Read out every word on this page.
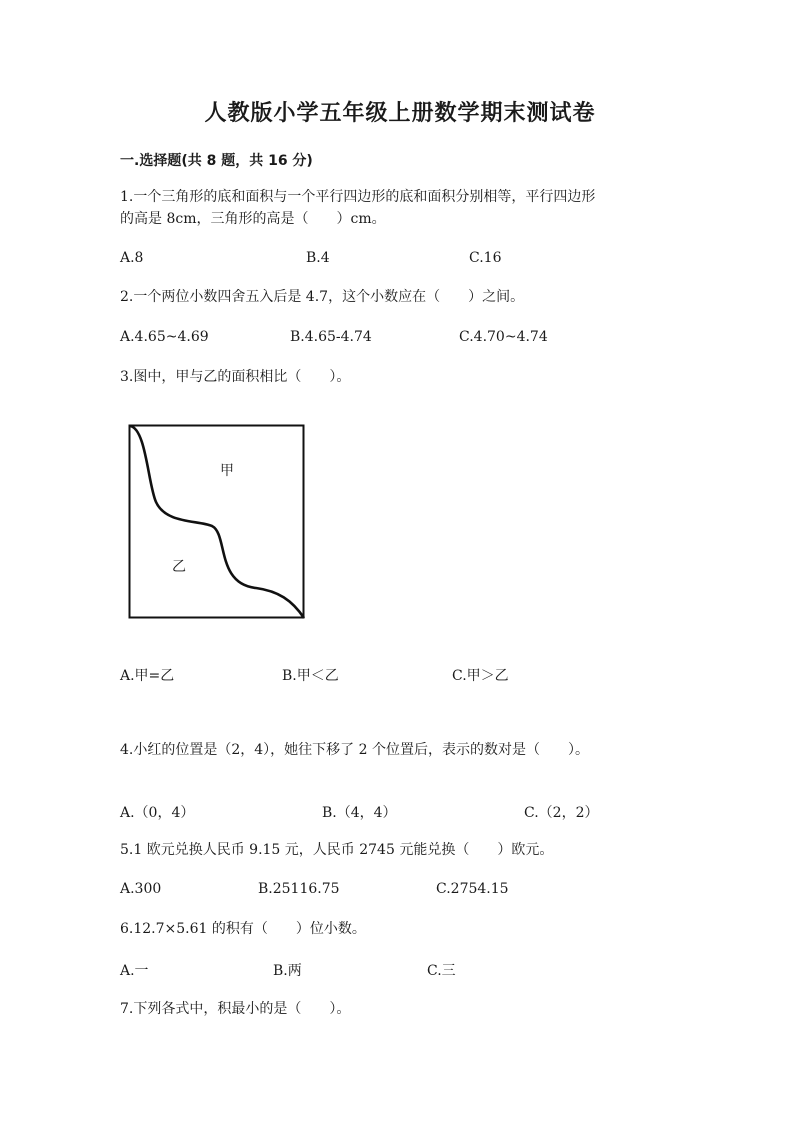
人教版小学五年级上册数学期末测试卷
一.选择题(共 8 题，共 16 分)
1.一个三角形的底和面积与一个平行四边形的底和面积分别相等，平行四边形
的高是 8cm，三角形的高是（　　）cm。
A.8	B.4	C.16
2.一个两位小数四舍五入后是 4.7，这个小数应在（　　）之间。
A.4.65~4.69	B.4.65-4.74	C.4.70~4.74
3.图中，甲与乙的面积相比（　　）。
甲
乙
A.甲=乙	B.甲＜乙	C.甲＞乙
4.小红的位置是（2，4），她往下移了 2 个位置后，表示的数对是（　　）。
A.（0，4）	B.（4，4）	C.（2，2）
5.1 欧元兑换人民币 9.15 元，人民币 2745 元能兑换（　　）欧元。
A.300	B.25116.75	C.2754.15
6.12.7×5.61 的积有（　　）位小数。
A.一	B.两	C.三
7.下列各式中，积最小的是（　　）。
